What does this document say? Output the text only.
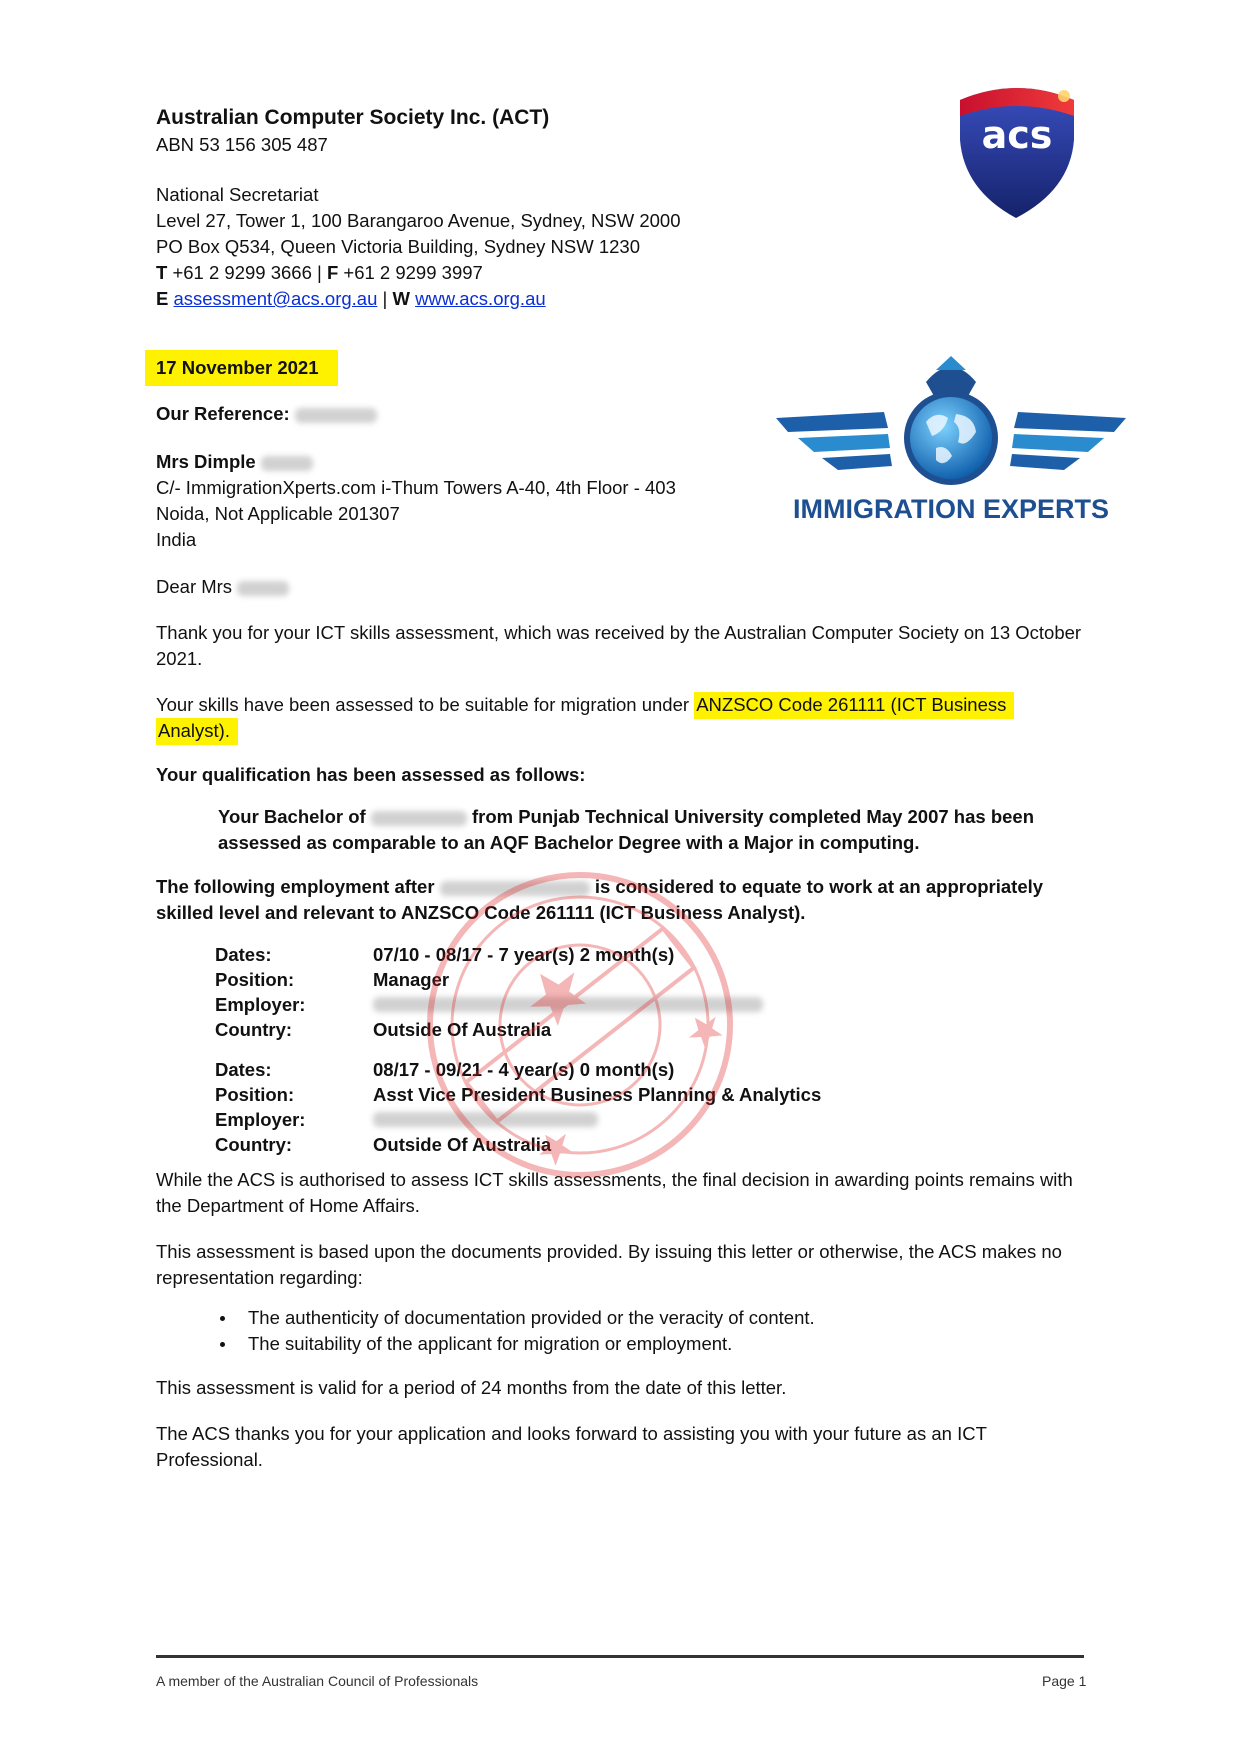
Australian Computer Society Inc. (ACT)
ABN 53 156 305 487
National Secretariat
Level 27, Tower 1, 100 Barangaroo Avenue, Sydney, NSW 2000
PO Box Q534, Queen Victoria Building, Sydney NSW 1230
T +61 2 9299 3666 | F +61 2 9299 3997
E assessment@acs.org.au | W www.acs.org.au
acs
17 November 2021
IMMIGRATION EXPERTS
Our Reference:
Mrs Dimple
C/- ImmigrationXperts.com i-Thum Towers A-40, 4th Floor - 403
Noida, Not Applicable 201307
India
Dear Mrs
Thank you for your ICT skills assessment, which was received by the Australian Computer Society on 13 October 2021.
Your skills have been assessed to be suitable for migration under ANZSCO Code 261111 (ICT Business
Analyst).
Your qualification has been assessed as follows:
Your Bachelor of	from Punjab Technical University completed May 2007 has been
assessed as comparable to an AQF Bachelor Degree with a Major in computing.
The following employment after	is considered to equate to work at an appropriately
skilled level and relevant to ANZSCO Code 261111 (ICT Business Analyst).
Dates:	07/10 - 08/17 - 7 year(s) 2 month(s)
Position:	Manager
Employer:
Country:	Outside Of Australia
Dates:	08/17 - 09/21 - 4 year(s) 0 month(s)
Position:	Asst Vice President Business Planning & Analytics
Employer:
Country:	Outside Of Australia
While the ACS is authorised to assess ICT skills assessments, the final decision in awarding points remains with the Department of Home Affairs.
This assessment is based upon the documents provided. By issuing this letter or otherwise, the ACS makes no representation regarding:
The authenticity of documentation provided or the veracity of content.
The suitability of the applicant for migration or employment.
This assessment is valid for a period of 24 months from the date of this letter.
The ACS thanks you for your application and looks forward to assisting you with your future as an ICT Professional.
A member of the Australian Council of Professionals	Page 1
